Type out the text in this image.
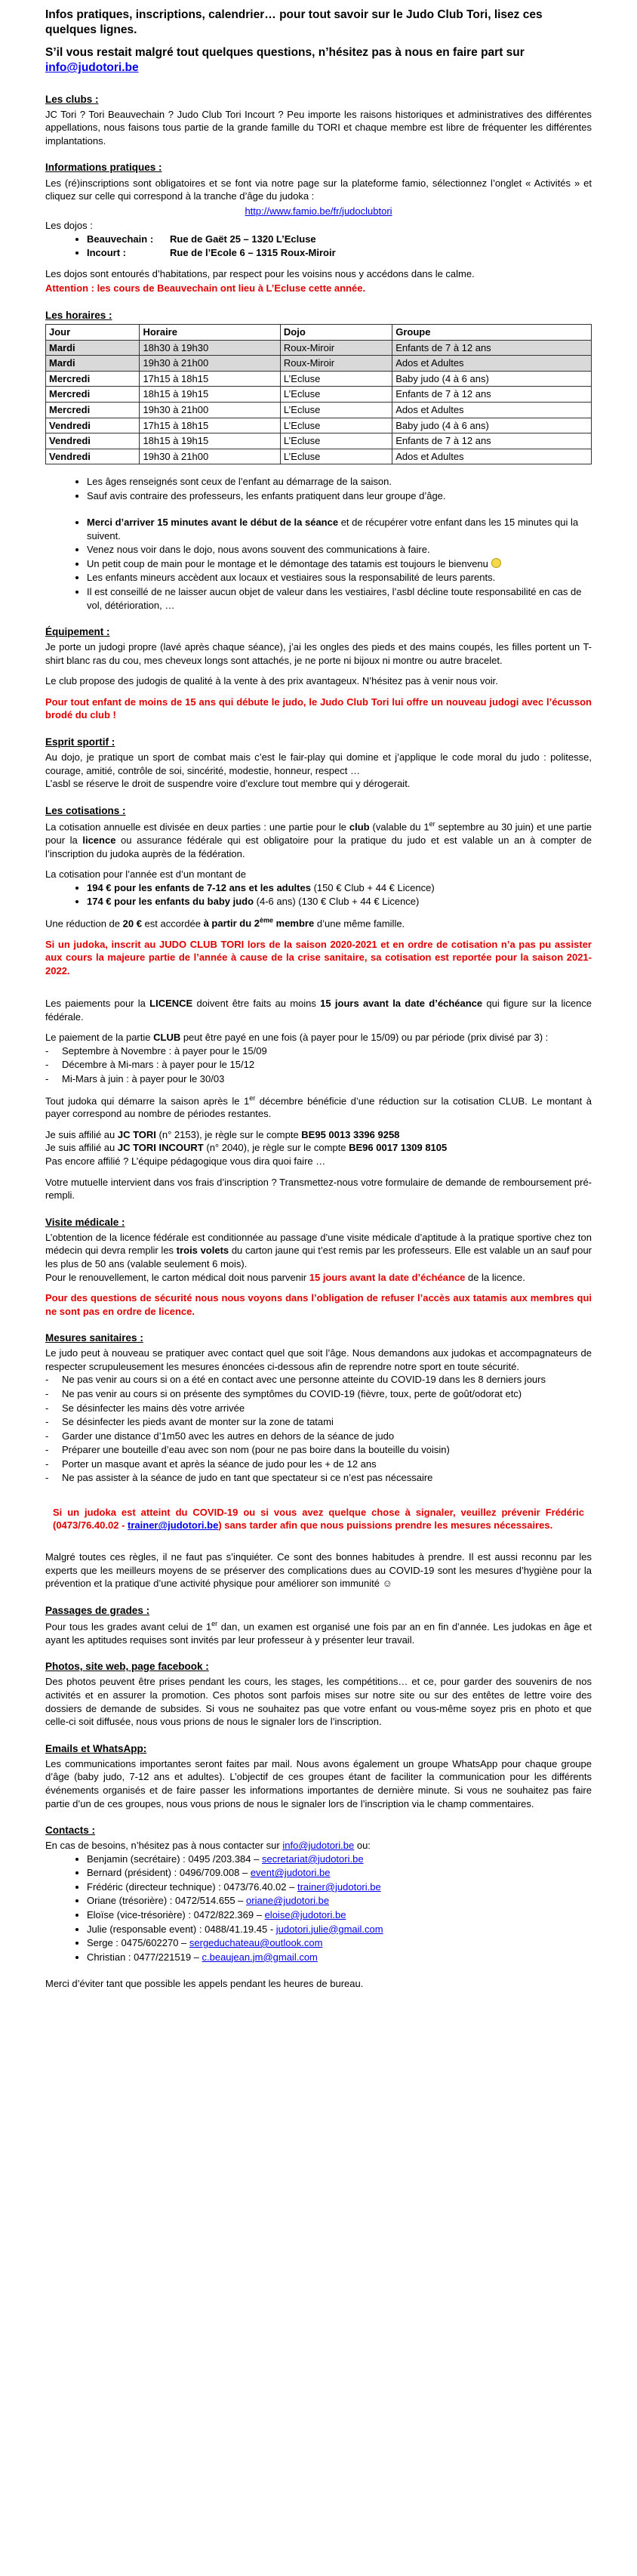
Infos pratiques, inscriptions, calendrier… pour tout savoir sur le Judo Club Tori, lisez ces quelques lignes.

S’il vous restait malgré tout quelques questions, n’hésitez pas à nous en faire part sur info@judotori.be

Les clubs :

JC Tori ? Tori Beauvechain ? Judo Club Tori Incourt ? Peu importe les raisons historiques et administratives des différentes appellations, nous faisons tous partie de la grande famille du TORI et chaque membre est libre de fréquenter les différentes implantations.

Informations pratiques :

Les (ré)inscriptions sont obligatoires et se font via notre page sur la plateforme famio, sélectionnez l’onglet « Activités » et cliquez sur celle qui correspond à la tranche d’âge du judoka :

http://www.famio.be/fr/judoclubtori

Les dojos :
• Beauvechain :	Rue de Gaët 25 – 1320 L’Ecluse
• Incourt :	Rue de l’Ecole 6 – 1315 Roux-Miroir

Les dojos sont entourés d’habitations, par respect pour les voisins nous y accédons dans le calme.

Attention : les cours de Beauvechain ont lieu à L’Ecluse cette année.

Les horaires :
Jour	Horaire	Dojo	Groupe
Mardi	18h30 à 19h30	Roux-Miroir	Enfants de 7 à 12 ans
Mardi	19h30 à 21h00	Roux-Miroir	Ados et Adultes
Mercredi	17h15 à 18h15	L’Ecluse	Baby judo (4 à 6 ans)
Mercredi	18h15 à 19h15	L’Ecluse	Enfants de 7 à 12 ans
Mercredi	19h30 à 21h00	L’Ecluse	Ados et Adultes
Vendredi	17h15 à 18h15	L’Ecluse	Baby judo (4 à 6 ans)
Vendredi	18h15 à 19h15	L’Ecluse	Enfants de 7 à 12 ans
Vendredi	19h30 à 21h00	L’Ecluse	Ados et Adultes
• Les âges renseignés sont ceux de l’enfant au démarrage de la saison.
• Sauf avis contraire des professeurs, les enfants pratiquent dans leur groupe d’âge.
• Merci d’arriver 15 minutes avant le début de la séance et de récupérer votre enfant dans les 15 minutes qui la suivent.
• Venez nous voir dans le dojo, nous avons souvent des communications à faire.
• Un petit coup de main pour le montage et le démontage des tatamis est toujours le bienvenu
• Les enfants mineurs accèdent aux locaux et vestiaires sous la responsabilité de leurs parents.
• Il est conseillé de ne laisser aucun objet de valeur dans les vestiaires, l’asbl décline toute responsabilité en cas de vol, détérioration, …
Équipement :

Je porte un judogi propre (lavé après chaque séance), j’ai les ongles des pieds et des mains coupés, les filles portent un T-shirt blanc ras du cou, mes cheveux longs sont attachés, je ne porte ni bijoux ni montre ou autre bracelet.

Le club propose des judogis de qualité à la vente à des prix avantageux. N’hésitez pas à venir nous voir.

Pour tout enfant de moins de 15 ans qui débute le judo, le Judo Club Tori lui offre un nouveau judogi avec l’écusson brodé du club !

Esprit sportif :

Au dojo, je pratique un sport de combat mais c’est le fair-play qui domine et j’applique le code moral du judo : politesse, courage, amitié, contrôle de soi, sincérité, modestie, honneur, respect …

L’asbl se réserve le droit de suspendre voire d’exclure tout membre qui y dérogerait.

Les cotisations :

La cotisation annuelle est divisée en deux parties : une partie pour le club (valable du 1er septembre au 30 juin) et une partie pour la licence ou assurance fédérale qui est obligatoire pour la pratique du judo et est valable un an à compter de l’inscription du judoka auprès de la fédération.

La cotisation pour l’année est d’un montant de

• 194 € pour les enfants de 7-12 ans et les adultes (150 € Club + 44 € Licence)
• 174 € pour les enfants du baby judo (4-6 ans) (130 € Club + 44 € Licence)

Une réduction de 20 € est accordée à partir du 2ème membre d’une même famille.

Si un judoka, inscrit au JUDO CLUB TORI lors de la saison 2020-2021 et en ordre de cotisation n’a pas pu assister aux cours la majeure partie de l’année à cause de la crise sanitaire, sa cotisation est reportée pour la saison 2021-2022.

Les paiements pour la LICENCE doivent être faits au moins 15 jours avant la date d’échéance qui figure sur la licence fédérale.

Le paiement de la partie CLUB peut être payé en une fois (à payer pour le 15/09) ou par période (prix divisé par 3) :

- Septembre à Novembre : à payer pour le 15/09
- Décembre à Mi-mars : à payer pour le 15/12
- Mi-Mars à juin : à payer pour le 30/03

Tout judoka qui démarre la saison après le 1er décembre bénéficie d’une réduction sur la cotisation CLUB. Le montant à payer correspond au nombre de périodes restantes.

Je suis affilié au JC TORI (n° 2153), je règle sur le compte BE95 0013 3396 9258

Je suis affilié au JC TORI INCOURT (n° 2040), je règle sur le compte BE96 0017 1309 8105

Pas encore affilié ? L’équipe pédagogique vous dira quoi faire …

Votre mutuelle intervient dans vos frais d’inscription ? Transmettez-nous votre formulaire de demande de remboursement pré-rempli.

Visite médicale :

L’obtention de la licence fédérale est conditionnée au passage d’une visite médicale d’aptitude à la pratique sportive chez ton médecin qui devra remplir les trois volets du carton jaune qui t’est remis par les professeurs. Elle est valable un an sauf pour les plus de 50 ans (valable seulement 6 mois).

Pour le renouvellement, le carton médical doit nous parvenir 15 jours avant la date d’échéance de la licence.

Pour des questions de sécurité nous nous voyons dans l’obligation de refuser l’accès aux tatamis aux membres qui ne sont pas en ordre de licence.

Mesures sanitaires :

Le judo peut à nouveau se pratiquer avec contact quel que soit l’âge. Nous demandons aux judokas et accompagnateurs de respecter scrupuleusement les mesures énoncées ci-dessous afin de reprendre notre sport en toute sécurité.

- Ne pas venir au cours si on a été en contact avec une personne atteinte du COVID-19 dans les 8 derniers jours
- Ne pas venir au cours si on présente des symptômes du COVID-19 (fièvre, toux, perte de goût/odorat etc)
- Se désinfecter les mains dès votre arrivée
- Se désinfecter les pieds avant de monter sur la zone de tatami
- Garder une distance d’1m50 avec les autres en dehors de la séance de judo
- Préparer une bouteille d’eau avec son nom (pour ne pas boire dans la bouteille du voisin)
- Porter un masque avant et après la séance de judo pour les + de 12 ans
- Ne pas assister à la séance de judo en tant que spectateur si ce n’est pas nécessaire

Si un judoka est atteint du COVID-19 ou si vous avez quelque chose à signaler, veuillez prévenir Frédéric (0473/76.40.02 - trainer@judotori.be) sans tarder afin que nous puissions prendre les mesures nécessaires.

Malgré toutes ces règles, il ne faut pas s’inquiéter. Ce sont des bonnes habitudes à prendre. Il est aussi reconnu par les experts que les meilleurs moyens de se préserver des complications dues au COVID-19 sont les mesures d’hygiène pour la prévention et la pratique d’une activité physique pour améliorer son immunité ☺

Passages de grades :

Pour tous les grades avant celui de 1er dan, un examen est organisé une fois par an en fin d’année. Les judokas en âge et ayant les aptitudes requises sont invités par leur professeur à y présenter leur travail.

Photos, site web, page facebook :

Des photos peuvent être prises pendant les cours, les stages, les compétitions… et ce, pour garder des souvenirs de nos activités et en assurer la promotion. Ces photos sont parfois mises sur notre site ou sur des entêtes de lettre voire des dossiers de demande de subsides. Si vous ne souhaitez pas que votre enfant ou vous-même soyez pris en photo et que celle-ci soit diffusée, nous vous prions de nous le signaler lors de l’inscription.

Emails et WhatsApp:

Les communications importantes seront faites par mail. Nous avons également un groupe WhatsApp pour chaque groupe d’âge (baby judo, 7-12 ans et adultes). L’objectif de ces groupes étant de faciliter la communication pour les différents événements organisés et de faire passer les informations importantes de dernière minute. Si vous ne souhaitez pas faire partie d’un de ces groupes, nous vous prions de nous le signaler lors de l’inscription via le champ commentaires.

Contacts :

En cas de besoins, n’hésitez pas à nous contacter sur info@judotori.be ou:

• Benjamin (secrétaire) : 0495 /203.384 – secretariat@judotori.be
• Bernard (président) : 0496/709.008 – event@judotori.be
• Frédéric (directeur technique) : 0473/76.40.02 – trainer@judotori.be
• Oriane (trésorière) : 0472/514.655 – oriane@judotori.be
• Eloïse (vice-trésorière) : 0472/822.369 – eloise@judotori.be
• Julie (responsable event) : 0488/41.19.45 - judotori.julie@gmail.com
• Serge : 0475/602270 – sergeduchateau@outlook.com
• Christian : 0477/221519 – c.beaujean.jm@gmail.com

Merci d’éviter tant que possible les appels pendant les heures de bureau.
